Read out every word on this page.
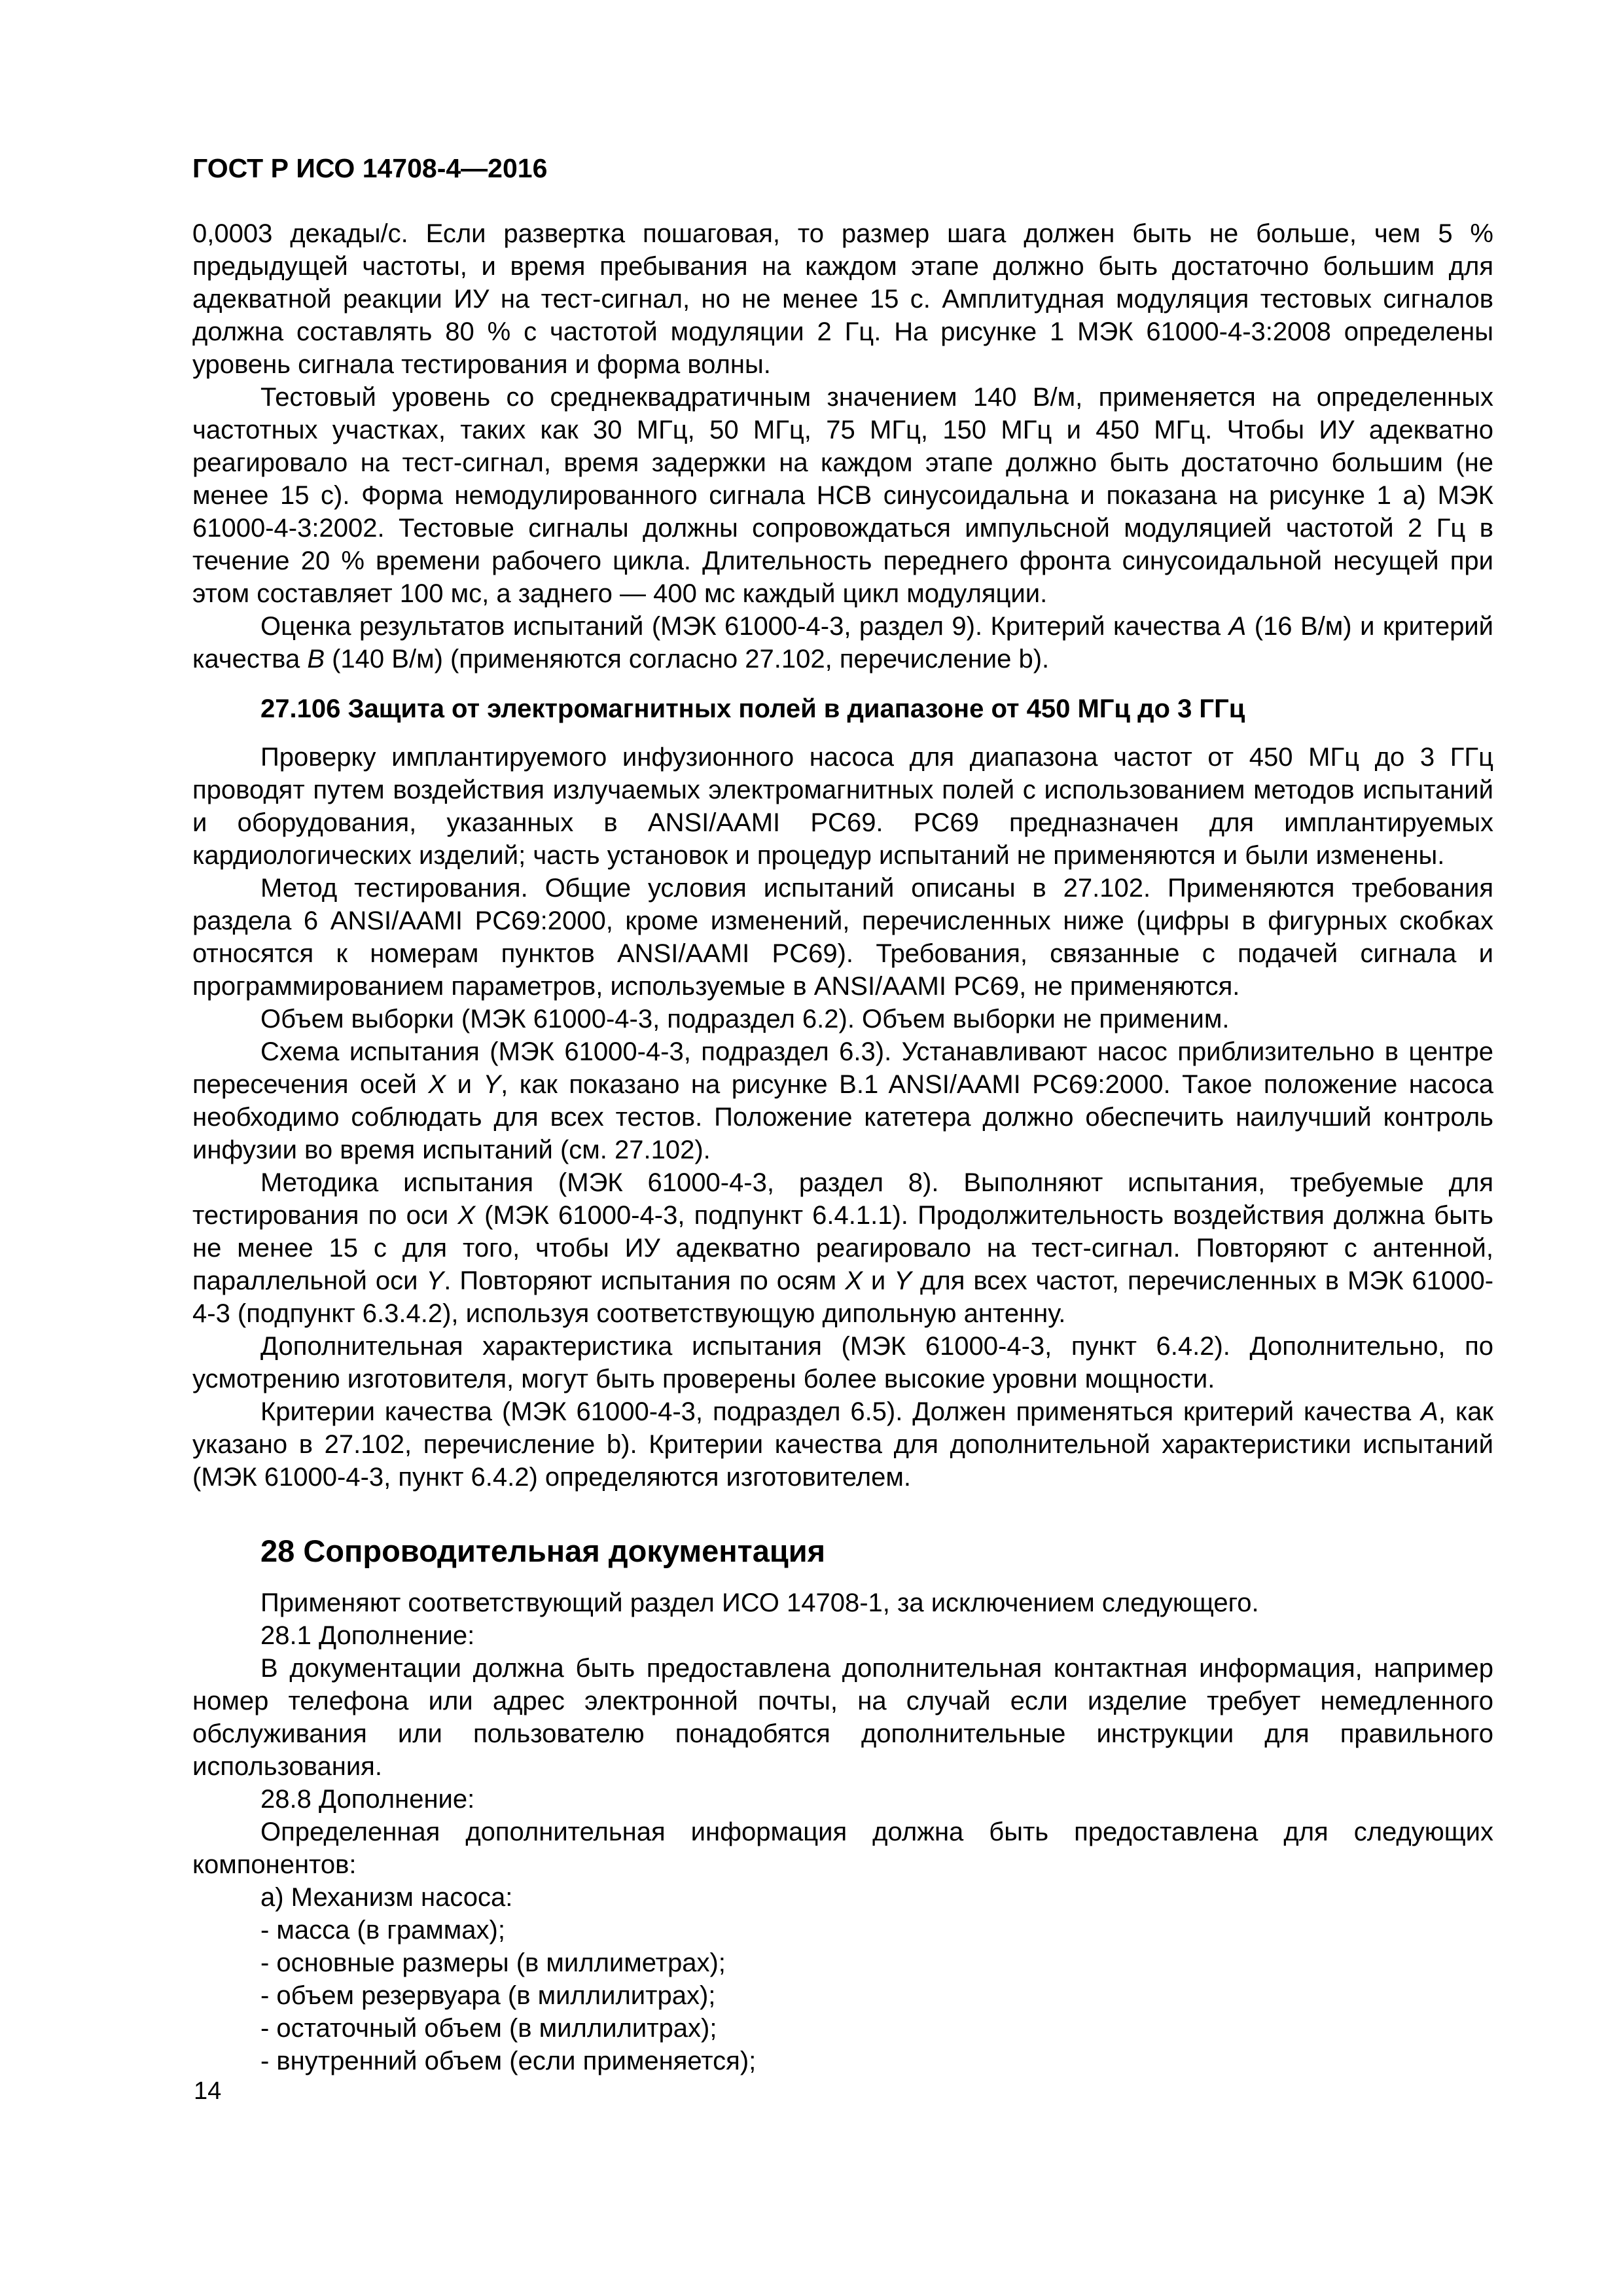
ГОСТ Р ИСО 14708-4—2016

0,0003 декады/с. Если развертка пошаговая, то размер шага должен быть не больше, чем 5 % предыдущей частоты, и время пребывания на каждом этапе должно быть достаточно большим для адекватной реакции ИУ на тест-сигнал, но не менее 15 с. Амплитудная модуляция тестовых сигналов должна составлять 80 % с частотой модуляции 2 Гц. На рисунке 1 МЭК 61000-4-3:2008 определены уровень сигнала тестирования и форма волны.

Тестовый уровень со среднеквадратичным значением 140 В/м, применяется на определенных частотных участках, таких как 30 МГц, 50 МГц, 75 МГц, 150 МГц и 450 МГц. Чтобы ИУ адекватно реагировало на тест-сигнал, время задержки на каждом этапе должно быть достаточно большим (не менее 15 с). Форма немодулированного сигнала НСВ синусоидальна и показана на рисунке 1 а) МЭК 61000-4-3:2002. Тестовые сигналы должны сопровождаться импульсной модуляцией частотой 2 Гц в течение 20 % времени рабочего цикла. Длительность переднего фронта синусоидальной несущей при этом составляет 100 мс, а заднего — 400 мс каждый цикл модуляции.

Оценка результатов испытаний (МЭК 61000-4-3, раздел 9). Критерий качества A (16 В/м) и критерий качества B (140 В/м) (применяются согласно 27.102, перечисление b).

27.106 Защита от электромагнитных полей в диапазоне от 450 МГц до 3 ГГц

Проверку имплантируемого инфузионного насоса для диапазона частот от 450 МГц до 3 ГГц проводят путем воздействия излучаемых электромагнитных полей с использованием методов испытаний и оборудования, указанных в ANSI/AAMI PC69. PC69 предназначен для имплантируемых кардиологических изделий; часть установок и процедур испытаний не применяются и были изменены.

Метод тестирования. Общие условия испытаний описаны в 27.102. Применяются требования раздела 6 ANSI/AAMI PC69:2000, кроме изменений, перечисленных ниже (цифры в фигурных скобках относятся к номерам пунктов ANSI/AAMI PC69). Требования, связанные с подачей сигнала и программированием параметров, используемые в ANSI/AAMI PC69, не применяются.

Объем выборки (МЭК 61000-4-3, подраздел 6.2). Объем выборки не применим.

Схема испытания (МЭК 61000-4-3, подраздел 6.3). Устанавливают насос приблизительно в центре пересечения осей X и Y, как показано на рисунке B.1 ANSI/AAMI PC69:2000. Такое положение насоса необходимо соблюдать для всех тестов. Положение катетера должно обеспечить наилучший контроль инфузии во время испытаний (см. 27.102).

Методика испытания (МЭК 61000-4-3, раздел 8). Выполняют испытания, требуемые для тестирования по оси X (МЭК 61000-4-3, подпункт 6.4.1.1). Продолжительность воздействия должна быть не менее 15 с для того, чтобы ИУ адекватно реагировало на тест-сигнал. Повторяют с антенной, параллельной оси Y. Повторяют испытания по осям X и Y для всех частот, перечисленных в МЭК 61000-4-3 (подпункт 6.3.4.2), используя соответствующую дипольную антенну.

Дополнительная характеристика испытания (МЭК 61000-4-3, пункт 6.4.2). Дополнительно, по усмотрению изготовителя, могут быть проверены более высокие уровни мощности.

Критерии качества (МЭК 61000-4-3, подраздел 6.5). Должен применяться критерий качества A, как указано в 27.102, перечисление b). Критерии качества для дополнительной характеристики испытаний (МЭК 61000-4-3, пункт 6.4.2) определяются изготовителем.

28 Сопроводительная документация

Применяют соответствующий раздел ИСО 14708-1, за исключением следующего.

28.1 Дополнение:

В документации должна быть предоставлена дополнительная контактная информация, например номер телефона или адрес электронной почты, на случай если изделие требует немедленного обслуживания или пользователю понадобятся дополнительные инструкции для правильного использования.

28.8 Дополнение:

Определенная дополнительная информация должна быть предоставлена для следующих компонентов:

а) Механизм насоса:
- масса (в граммах);
- основные размеры (в миллиметрах);
- объем резервуара (в миллилитрах);
- остаточный объем (в миллилитрах);
- внутренний объем (если применяется);
14
